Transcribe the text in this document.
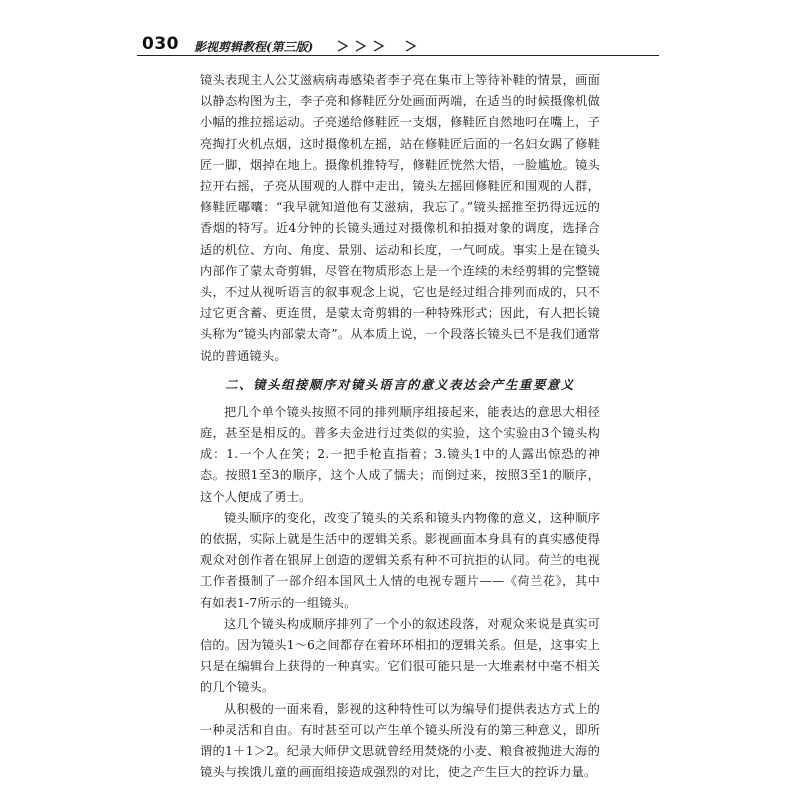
030 影视剪辑教程(第三版)

镜头表现主人公艾滋病病毒感染者李子亮在集市上等待补鞋的情景，画面以静态构图为主，李子亮和修鞋匠分处画面两端，在适当的时候摄像机做小幅的推拉摇运动。子亮递给修鞋匠一支烟，修鞋匠自然地叼在嘴上，子亮掏打火机点烟，这时摄像机左摇，站在修鞋匠后面的一名妇女踢了修鞋匠一脚，烟掉在地上。摄像机推特写，修鞋匠恍然大悟，一脸尴尬。镜头拉开右摇，子亮从围观的人群中走出，镜头左摇回修鞋匠和围观的人群，修鞋匠嘟囔：“我早就知道他有艾滋病，我忘了。”镜头摇推至扔得远远的香烟的特写。近4分钟的长镜头通过对摄像机和拍摄对象的调度，选择合适的机位、方向、角度、景别、运动和长度，一气呵成。事实上是在镜头内部作了蒙太奇剪辑，尽管在物质形态上是一个连续的未经剪辑的完整镜头，不过从视听语言的叙事观念上说，它也是经过组合排列而成的，只不过它更含蓄、更连贯，是蒙太奇剪辑的一种特殊形式；因此，有人把长镜头称为“镜头内部蒙太奇”。从本质上说，一个段落长镜头已不是我们通常说的普通镜头。

二、镜头组接顺序对镜头语言的意义表达会产生重要意义

把几个单个镜头按照不同的排列顺序组接起来，能表达的意思大相径庭，甚至是相反的。普多夫金进行过类似的实验，这个实验由3个镜头构成：1.一个人在笑；2.一把手枪直指着；3.镜头1中的人露出惊恐的神态。按照1至3的顺序，这个人成了懦夫；而倒过来，按照3至1的顺序，这个人便成了勇士。

镜头顺序的变化，改变了镜头的关系和镜头内物像的意义，这种顺序的依据，实际上就是生活中的逻辑关系。影视画面本身具有的真实感使得观众对创作者在银屏上创造的逻辑关系有种不可抗拒的认同。荷兰的电视工作者摄制了一部介绍本国风土人情的电视专题片——《荷兰花》，其中有如表1-7所示的一组镜头。

这几个镜头构成顺序排列了一个小的叙述段落，对观众来说是真实可信的。因为镜头1～6之间都存在着环环相扣的逻辑关系。但是，这事实上只是在编辑台上获得的一种真实。它们很可能只是一大堆素材中毫不相关的几个镜头。

从积极的一面来看，影视的这种特性可以为编导们提供表达方式上的一种灵活和自由。有时甚至可以产生单个镜头所没有的第三种意义，即所谓的1＋1＞2。纪录大师伊文思就曾经用焚烧的小麦、粮食被抛进大海的镜头与挨饿儿童的画面组接造成强烈的对比，使之产生巨大的控诉力量。
